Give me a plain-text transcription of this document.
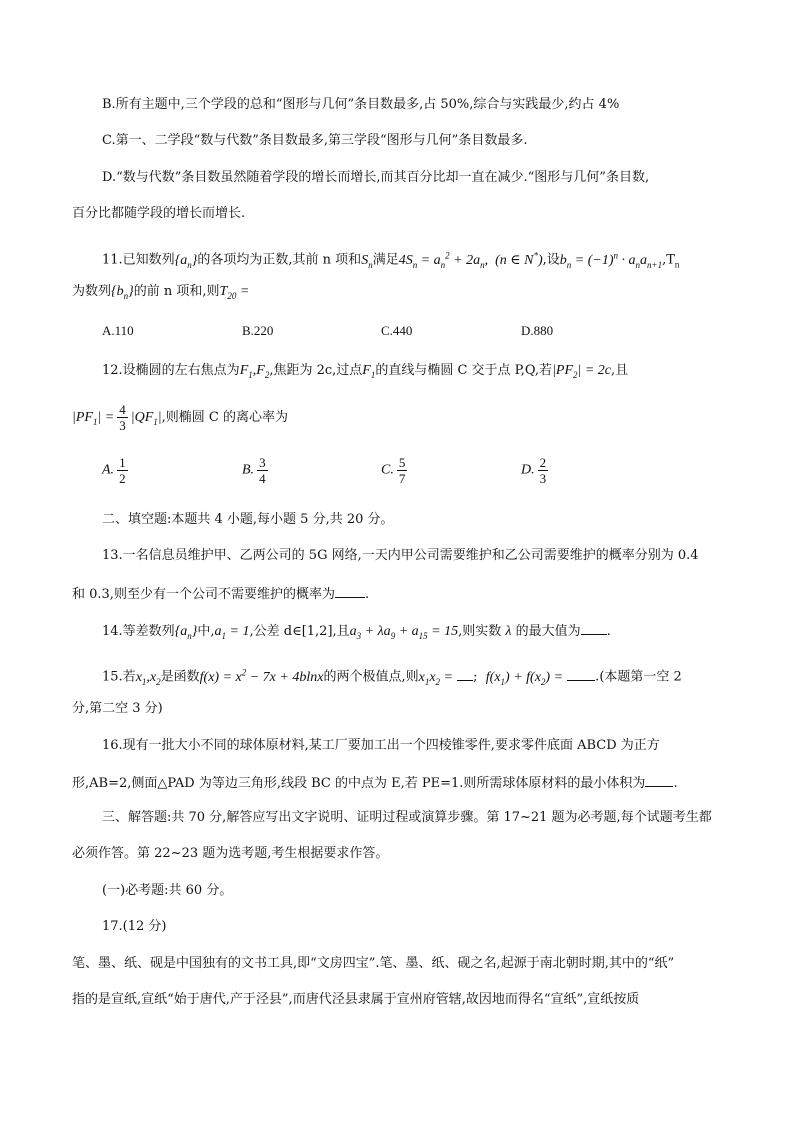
B.所有主题中,三个学段的总和“图形与几何”条目数最多,占 50%,综合与实践最少,约占 4%
C.第一、二学段“数与代数”条目数最多,第三学段“图形与几何”条目数最多.
D.“数与代数”条目数虽然随着学段的增长而增长,而其百分比却一直在减少.“图形与几何”条目数,
百分比都随学段的增长而增长.
11.已知数列$\{a_n\}$的各项均为正数,其前 n 项和$S_n$满足$4S_n = a_n^2 + 2a_n$,  (n ∈ N*),设$b_n = (-1)^n \cdot a_na_{n+1},T_n$
为数列$\{b_n\}$的前 n 项和,则$T_{20}$ =
A.110	B.220	C.440	D.880
12.设椭圆的左右焦点为$F_1,F_2$,焦距为 2c,过点$F_1$的直线与椭圆 C 交于点 P,Q,若$|PF_2| = 2c$,且
$|PF_1| = \frac{4}{3} |QF_1|$,则椭圆 C 的离心率为
A. $\frac{1}{2}$	B. $\frac{3}{4}$	C. $\frac{5}{7}$	D. $\frac{2}{3}$
二、填空题:本题共 4 小题,每小题 5 分,共 20 分。
13.一名信息员维护甲、乙两公司的 5G 网络,一天内甲公司需要维护和乙公司需要维护的概率分别为 0.4
和 0.3,则至少有一个公司不需要维护的概率为 .
14.等差数列$\{a_n\}$中$,a_1 = 1$,公差 d∈[1,2],且$a_3 + \lambda a_9 + a_{15} = 15$,则实数 λ 的最大值为 .
15.若$x_1,x_2$是函数$f(x) = x^2 - 7x + 4blnx$的两个极值点,则$x_1x_2$ = ;  $f(x_1) + f(x_2)$ = .(本题第一空 2
分,第二空 3 分)
16.现有一批大小不同的球体原材料,某工厂要加工出一个四棱锥零件,要求零件底面 ABCD 为正方
形,AB=2,侧面△PAD 为等边三角形,线段 BC 的中点为 E,若 PE=1.则所需球体原材料的最小体积为 .
三、解答题:共 70 分,解答应写出文字说明、证明过程或演算步骤。第 17~21 题为必考题,每个试题考生都
必须作答。第 22~23 题为选考题,考生根据要求作答。
(一)必考题:共 60 分。
17.(12 分)
笔、墨、纸、砚是中国独有的文书工具,即“文房四宝”.笔、墨、纸、砚之名,起源于南北朝时期,其中的“纸”
指的是宣纸,宣纸“始于唐代,产于泾县”,而唐代泾县隶属于宣州府管辖,故因地而得名“宣纸”,宣纸按质
